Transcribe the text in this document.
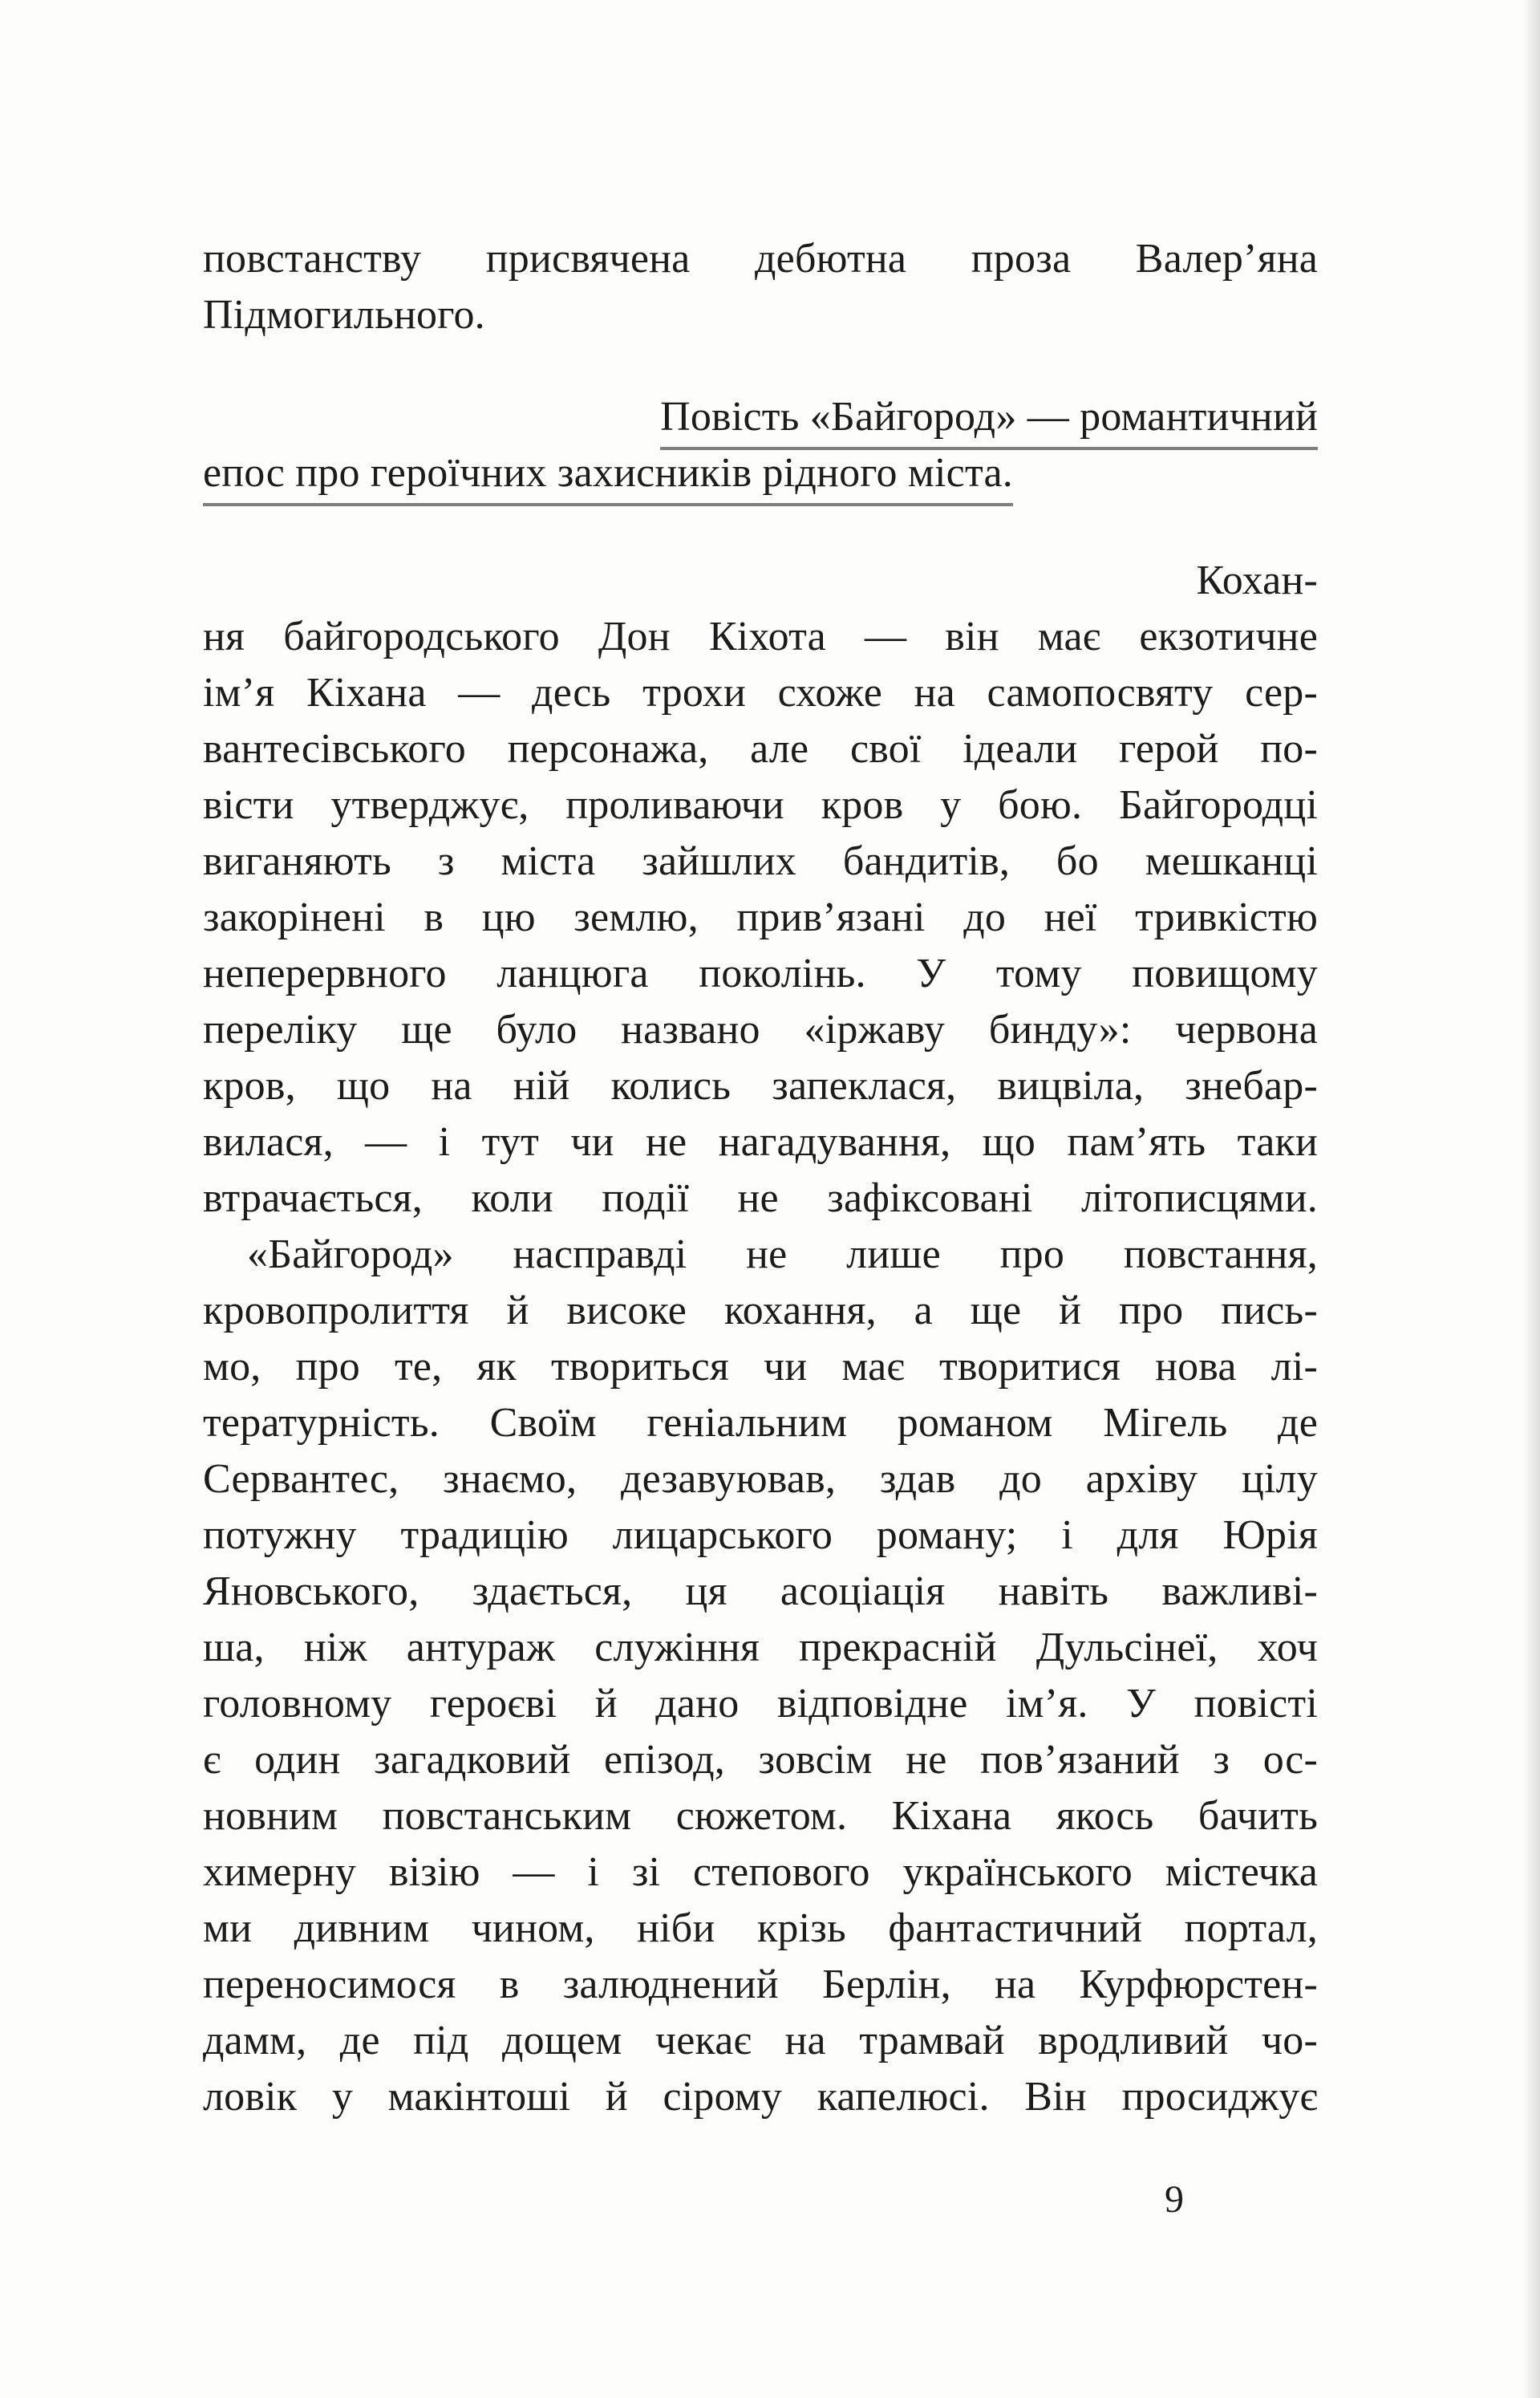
повстанству присвячена дебютна проза Валер’яна
Підмогильного.
Повість «Байгород» — романтичний
епос про героїчних захисників рідного міста.
Кохан-
ня байгородського Дон Кіхота — він має екзотичне
ім’я Кіхана — десь трохи схоже на самопосвяту сер-
вантесівського персонажа, але свої ідеали герой по-
вісти утверджує, проливаючи кров у бою. Байгородці
виганяють з міста зайшлих бандитів, бо мешканці
закорінені в цю землю, прив’язані до неї тривкістю
неперервного ланцюга поколінь. У тому повищому
переліку ще було названо «іржаву бинду»: червона
кров, що на ній колись запеклася, вицвіла, знебар-
вилася, — і тут чи не нагадування, що пам’ять таки
втрачається, коли події не зафіксовані літописцями.
«Байгород» насправді не лише про повстання,
кровопролиття й високе кохання, а ще й про пись-
мо, про те, як твориться чи має творитися нова лі-
тературність. Своїм геніальним романом Мігель де
Сервантес, знаємо, дезавуював, здав до архіву цілу
потужну традицію лицарського роману; і для Юрія
Яновського, здається, ця асоціація навіть важливі-
ша, ніж антураж служіння прекрасній Дульсінеї, хоч
головному героєві й дано відповідне ім’я. У повісті
є один загадковий епізод, зовсім не пов’язаний з ос-
новним повстанським сюжетом. Кіхана якось бачить
химерну візію — і зі степового українського містечка
ми дивним чином, ніби крізь фантастичний портал,
переносимося в залюднений Берлін, на Курфюрстен-
дамм, де під дощем чекає на трамвай вродливий чо-
ловік у макінтоші й сірому капелюсі. Він просиджує
9
